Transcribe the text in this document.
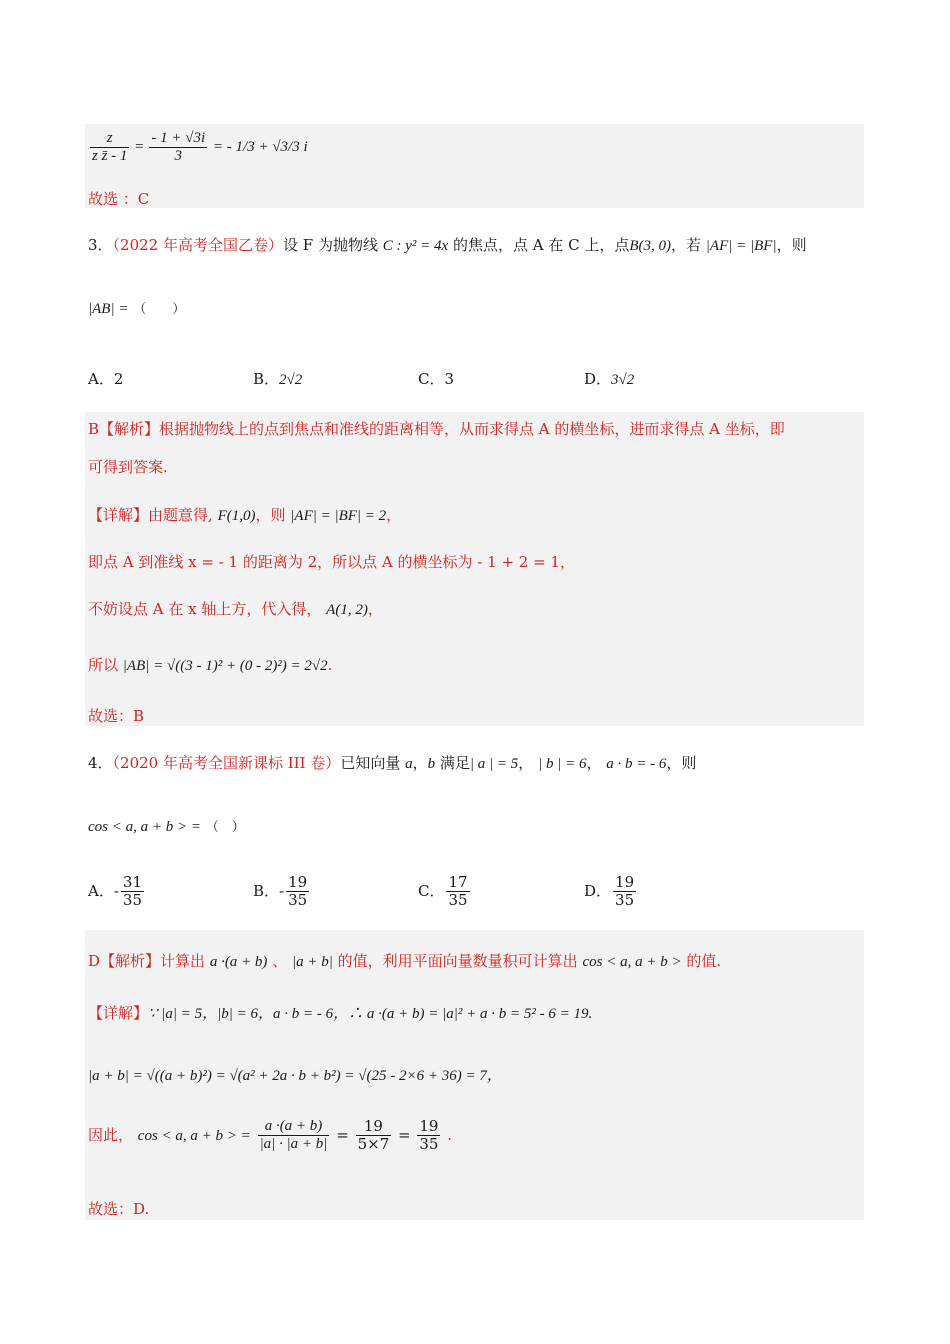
$\frac{z}{\text{z z̄ - 1}} = \frac{- 1 + √3i}{3}$ = - 1/3 + √3/3 i
故选 ：C
3．（2022 年高考全国乙卷）设 F 为抛物线 C : y² = 4x 的焦点，点 A 在 C 上，点B(3, 0)，若 |AF| = |BF|，则
|AB| = （　　）
A．2	B．2√2	C．3	D．3√2
B【解析】根据抛物线上的点到焦点和准线的距离相等，从而求得点 A 的横坐标，进而求得点 A 坐标，即
可得到答案.
【详解】由题意得, F(1,0)，则 |AF| = |BF| = 2，
即点 A 到准线 x = - 1 的距离为 2，所以点 A 的横坐标为 - 1 + 2 = 1，
不妨设点 A 在 x 轴上方，代入得， A(1, 2)，
所以 |AB| = √((3 - 1)² + (0 - 2)²) = 2√2.
故选：B
4．（2020 年高考全国新课标 III 卷）已知向量 a，b 满足| a | = 5， | b | = 6， a · b = - 6，则
cos < a, a + b > = （　）
A．- $\frac{31}{35}$	B．- $\frac{19}{35}$	C． $\frac{17}{35}$	D． $\frac{19}{35}$
D【解析】计算出 a ·(a + b) 、 |a + b| 的值，利用平面向量数量积可计算出 cos < a, a + b > 的值.
【详解】∵ |a| = 5，|b| = 6，a · b = - 6，∴ a ·(a + b) = |a|² + a · b = 5² - 6 = 19.
|a + b| = √((a + b)²) = √(a² + 2a · b + b²) = √(25 - 2×6 + 36) = 7，
因此， cos < a, a + b > = $\frac{a \cdot(a + b)}{|a| \cdot |a + b|} = \frac{19}{5\times 7} = \frac{19}{35}$ .
故选：D.
